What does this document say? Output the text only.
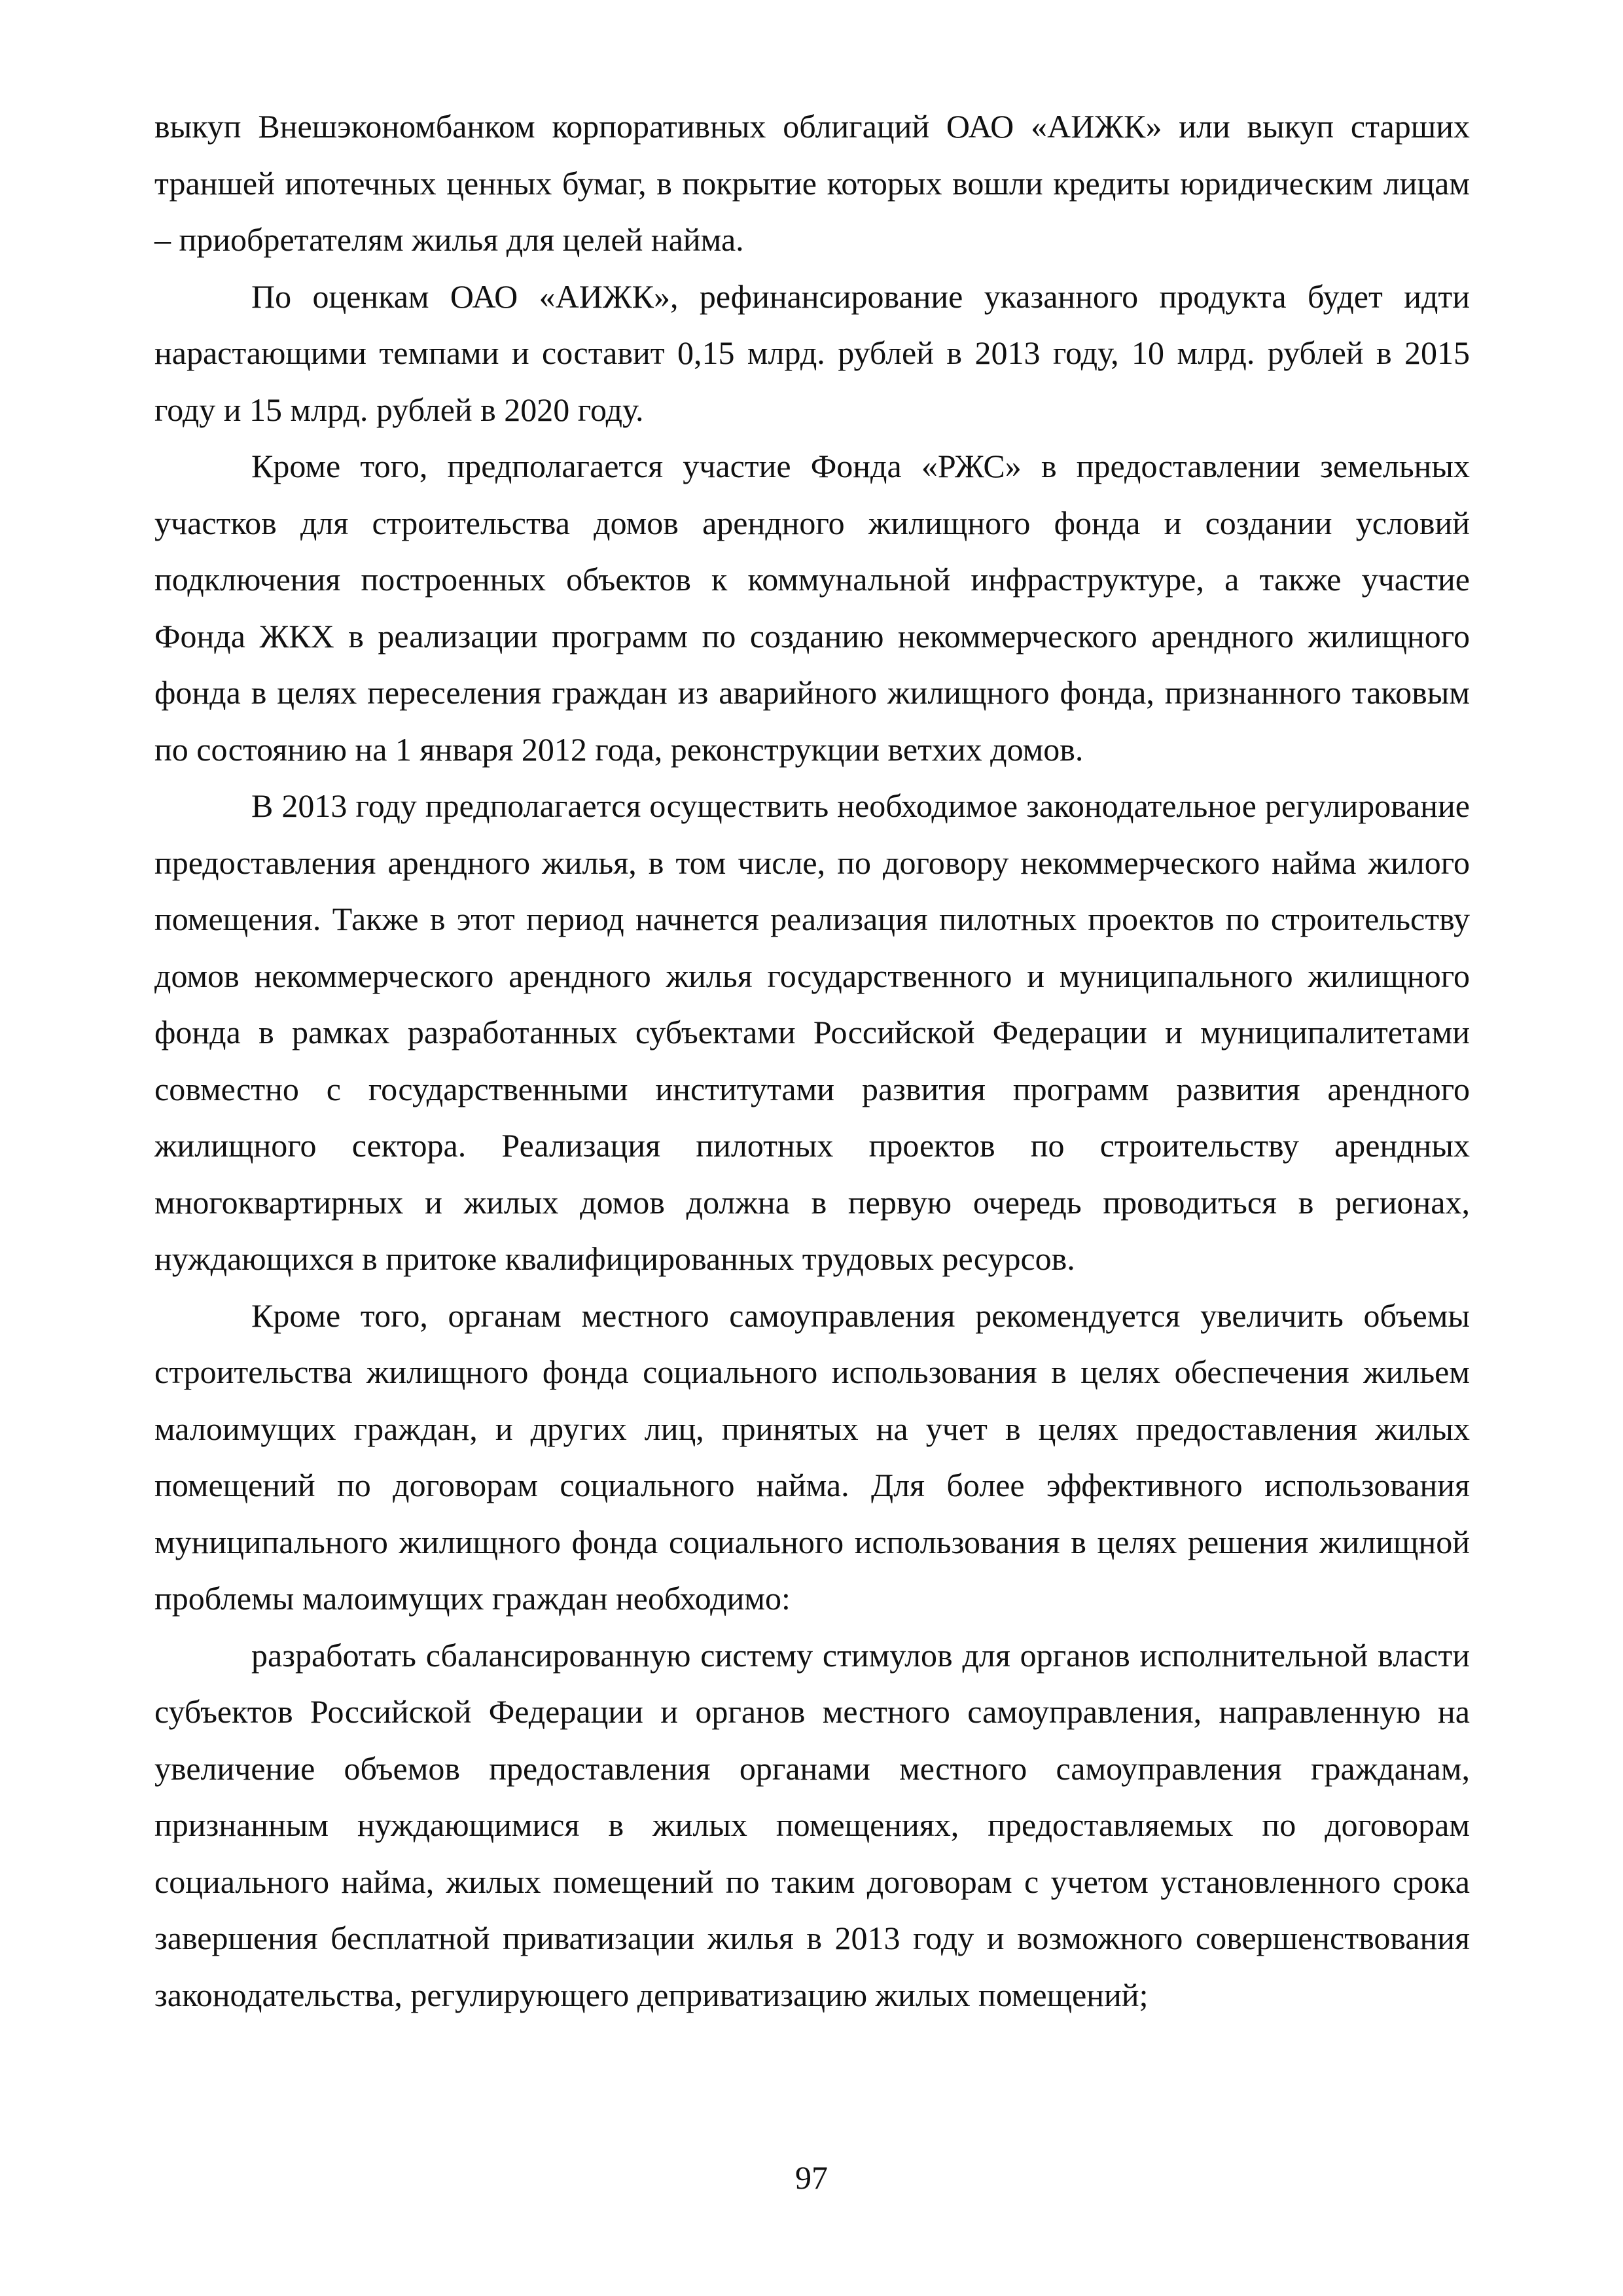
выкуп Внешэкономбанком корпоративных облигаций ОАО «АИЖК» или выкуп старших траншей ипотечных ценных бумаг, в покрытие которых вошли кредиты юридическим лицам – приобретателям жилья для целей найма.

По оценкам ОАО «АИЖК», рефинансирование указанного продукта будет идти нарастающими темпами и составит 0,15 млрд. рублей в 2013 году, 10 млрд. рублей в 2015 году и 15 млрд. рублей в 2020 году.

Кроме того, предполагается участие Фонда «РЖС» в предоставлении земельных участков для строительства домов арендного жилищного фонда и создании условий подключения построенных объектов к коммунальной инфраструктуре, а также участие Фонда ЖКХ в реализации программ по созданию некоммерческого арендного жилищного фонда в целях переселения граждан из аварийного жилищного фонда, признанного таковым по состоянию на 1 января 2012 года, реконструкции ветхих домов.

В 2013 году предполагается осуществить необходимое законодательное регулирование предоставления арендного жилья, в том числе, по договору некоммерческого найма жилого помещения. Также в этот период начнется реализация пилотных проектов по строительству домов некоммерческого арендного жилья государственного и муниципального жилищного фонда в рамках разработанных субъектами Российской Федерации и муниципалитетами совместно с государственными институтами развития программ развития арендного жилищного сектора. Реализация пилотных проектов по строительству арендных многоквартирных и жилых домов должна в первую очередь проводиться в регионах, нуждающихся в притоке квалифицированных трудовых ресурсов.

Кроме того, органам местного самоуправления рекомендуется увеличить объемы строительства жилищного фонда социального использования в целях обеспечения жильем малоимущих граждан, и других лиц, принятых на учет в целях предоставления жилых помещений по договорам социального найма. Для более эффективного использования муниципального жилищного фонда социального использования в целях решения жилищной проблемы малоимущих граждан необходимо:

разработать сбалансированную систему стимулов для органов исполнительной власти субъектов Российской Федерации и органов местного самоуправления, направленную на увеличение объемов предоставления органами местного самоуправления гражданам, признанным нуждающимися в жилых помещениях, предоставляемых по договорам социального найма, жилых помещений по таким договорам с учетом установленного срока завершения бесплатной приватизации жилья в 2013 году и возможного совершенствования законодательства, регулирующего деприватизацию жилых помещений;

97
